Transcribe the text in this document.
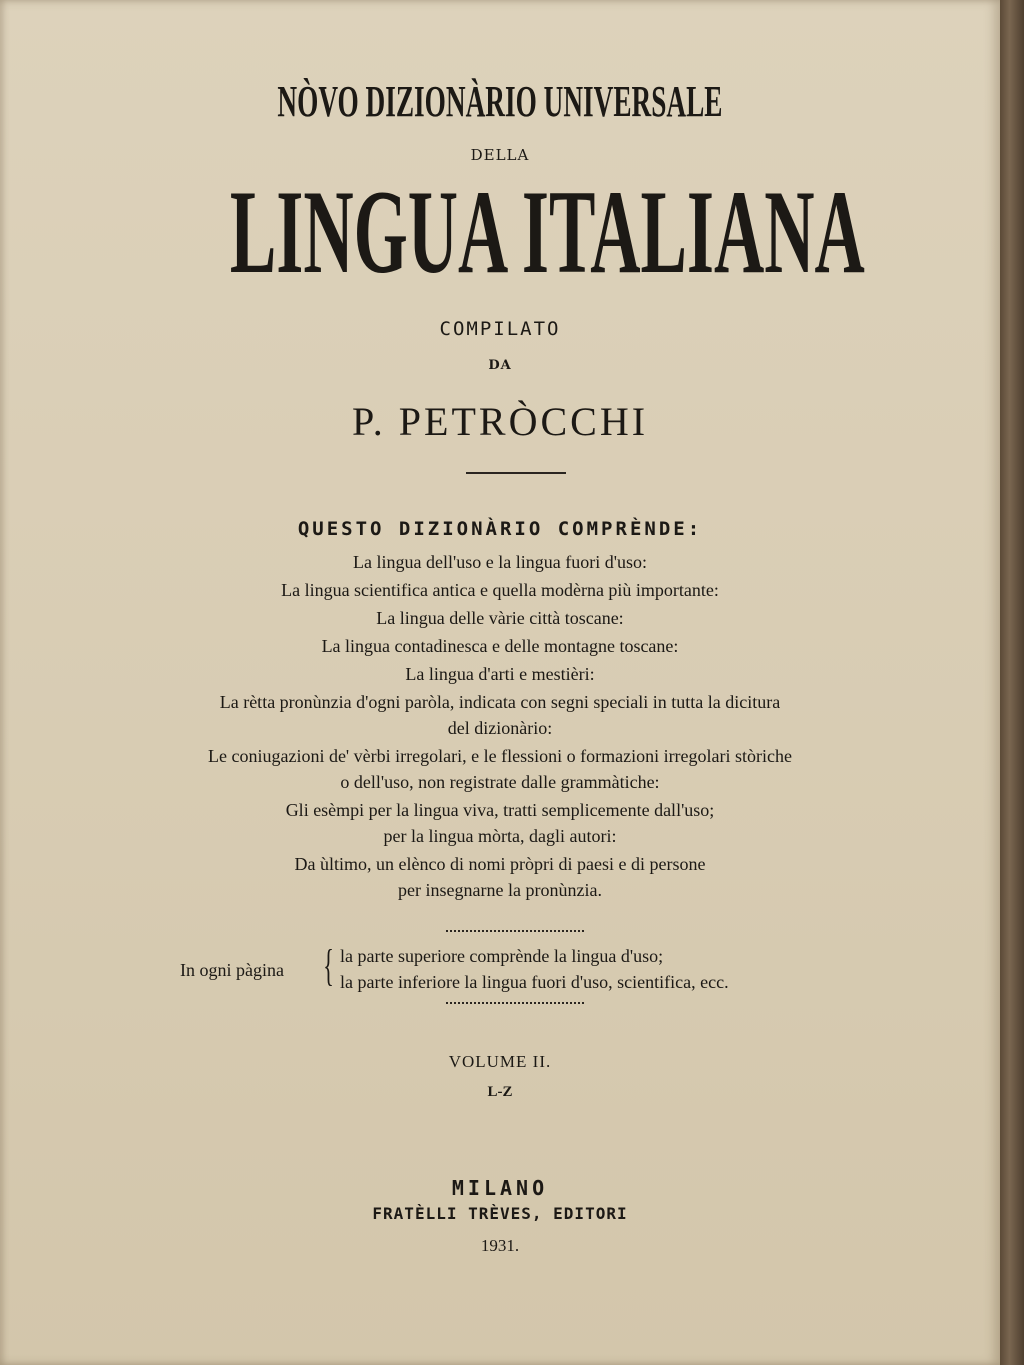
NÒVO DIZIONÀRIO UNIVERSALE
DELLA
LINGUA ITALIANA
COMPILATO
DA
P. PETRÒCCHI
QUESTO DIZIONÀRIO COMPRÈNDE:
La lingua dell'uso e la lingua fuori d'uso:
La lingua scientifica antica e quella modèrna più importante:
La lingua delle vàrie città toscane:
La lingua contadinesca e delle montagne toscane:
La lingua d'arti e mestièri:
La rètta pronùnzia d'ogni paròla, indicata con segni speciali in tutta la dicitura
del dizionàrio:
Le coniugazioni de' vèrbi irregolari, e le flessioni o formazioni irregolari stòriche
o dell'uso, non registrate dalle grammàtiche:
Gli esèmpi per la lingua viva, tratti semplicemente dall'uso;
per la lingua mòrta, dagli autori:
Da ùltimo, un elènco di nomi pròpri di paesi e di persone
per insegnarne la pronùnzia.
In ogni pàgina { la parte superiore comprènde la lingua d'uso;
la parte inferiore la lingua fuori d'uso, scientifica, ecc.
VOLUME II.
L-Z
MILANO
FRATÈLLI TRÈVES, EDITORI
1931.
